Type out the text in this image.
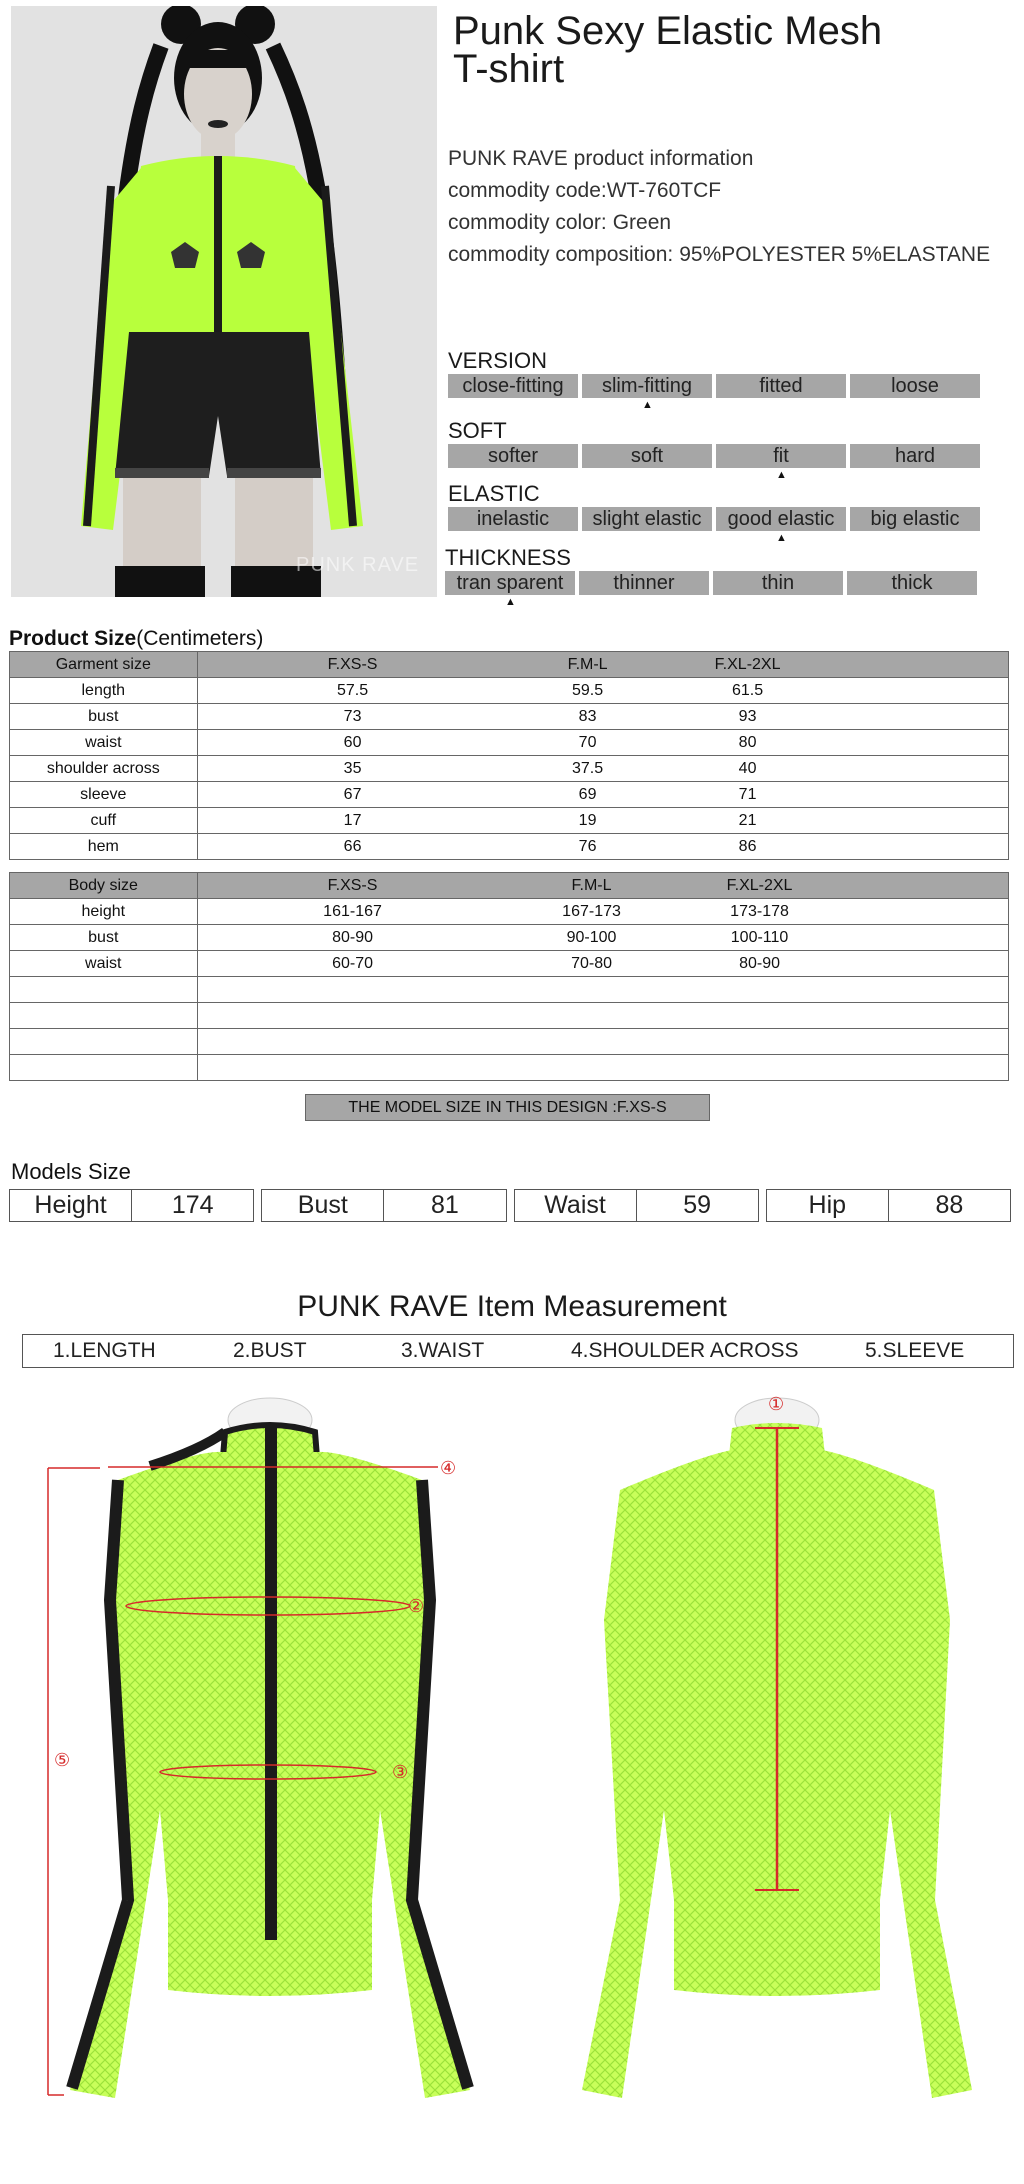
PUNK RAVE
Punk Sexy Elastic Mesh
T-shirt
PUNK RAVE product information
commodity code:WT-760TCF
commodity color: Green
commodity composition: 95%POLYESTER 5%ELASTANE
VERSION
close-fitting	slim-fitting	fitted	loose
▲
SOFT
softer	soft	fit	hard
▲
ELASTIC
inelastic	slight elastic	good elastic	big elastic
▲
THICKNESS
tran sparent	thinner	thin	thick
▲
Product Size(Centimeters)
Garment size	F.XS-S F.M-L F.XL-2XL

length	57.5 59.5 61.5

bust	73 83 93

waist	60 70 80

shoulder across	35 37.5 40

sleeve	67 69 71

cuff	17 19 21

hem	66 76 86
Body size	F.XS-S F.M-L F.XL-2XL

height	161-167 167-173 173-178

bust	80-90 90-100 100-110

waist	60-70 70-80 80-90

THE MODEL SIZE IN THIS DESIGN :F.XS-S
Models Size
Height	174	Bust	81	Waist	59	Hip	88
PUNK RAVE Item Measurement
1.LENGTH	2.BUST	3.WAIST	4.SHOULDER ACROSS	5.SLEEVE
④
②
③
⑤
①
